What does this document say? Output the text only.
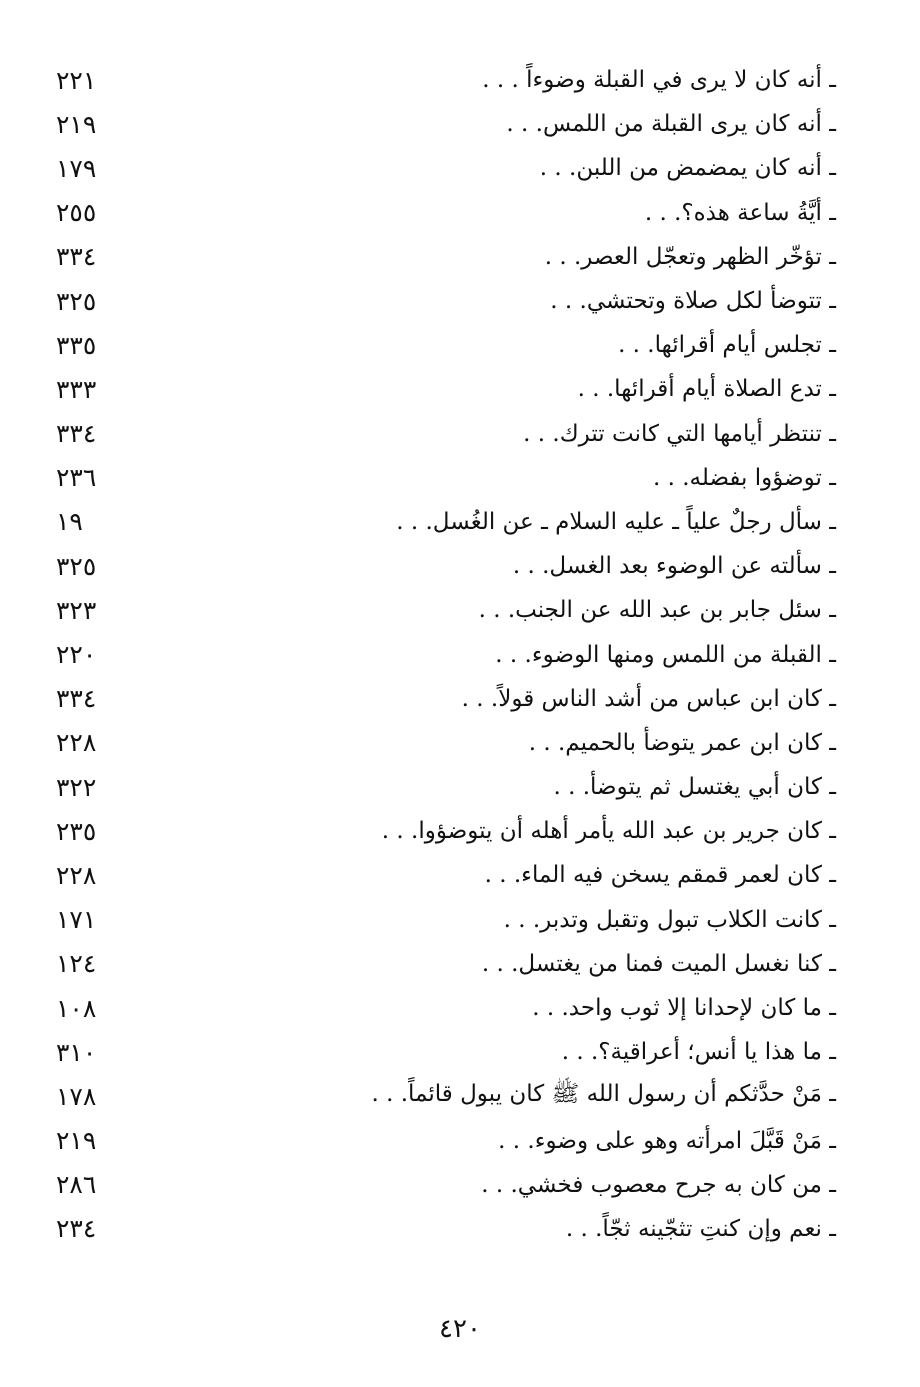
٢٢١	ـ أنه كان لا يرى في القبلة وضوءاً . . .
٢١٩	ـ أنه كان يرى القبلة من اللمس. . .
١٧٩	ـ أنه كان يمضمض من اللبن. . .
٢٥٥	ـ أيَّةُ ساعة هذه؟. . .
٣٣٤	ـ تؤخّر الظهر وتعجّل العصر. . .
٣٢٥	ـ تتوضأ لكل صلاة وتحتشي. . .
٣٣٥	ـ تجلس أيام أقرائها. . .
٣٣٣	ـ تدع الصلاة أيام أقرائها. . .
٣٣٤	ـ تنتظر أيامها التي كانت تترك. . .
٢٣٦	ـ توضؤوا بفضله. . .
١٩	ـ سأل رجلٌ علياً ـ عليه السلام ـ عن الغُسل. . .
٣٢٥	ـ سألته عن الوضوء بعد الغسل. . .
٣٢٣	ـ سئل جابر بن عبد الله عن الجنب. . .
٢٢٠	ـ القبلة من اللمس ومنها الوضوء. . .
٣٣٤	ـ كان ابن عباس من أشد الناس قولاً. . .
٢٢٨	ـ كان ابن عمر يتوضأ بالحميم. . .
٣٢٢	ـ كان أبي يغتسل ثم يتوضأ. . .
٢٣٥	ـ كان جرير بن عبد الله يأمر أهله أن يتوضؤوا. . .
٢٢٨	ـ كان لعمر قمقم يسخن فيه الماء. . .
١٧١	ـ كانت الكلاب تبول وتقبل وتدبر. . .
١٢٤	ـ كنا نغسل الميت فمنا من يغتسل. . .
١٠٨	ـ ما كان لإحدانا إلا ثوب واحد. . .
٣١٠	ـ ما هذا يا أنس؛ أعراقية؟. . .
١٧٨	ـ مَنْ حدَّثكم أن رسول الله ﷺ كان يبول قائماً. . .
٢١٩	ـ مَنْ قَبَّلَ امرأته وهو على وضوء. . .
٢٨٦	ـ من كان به جرح معصوب فخشي. . .
٢٣٤	ـ نعم وإن كنتِ تثجّينه ثجّاً. . .
٤٢٠
